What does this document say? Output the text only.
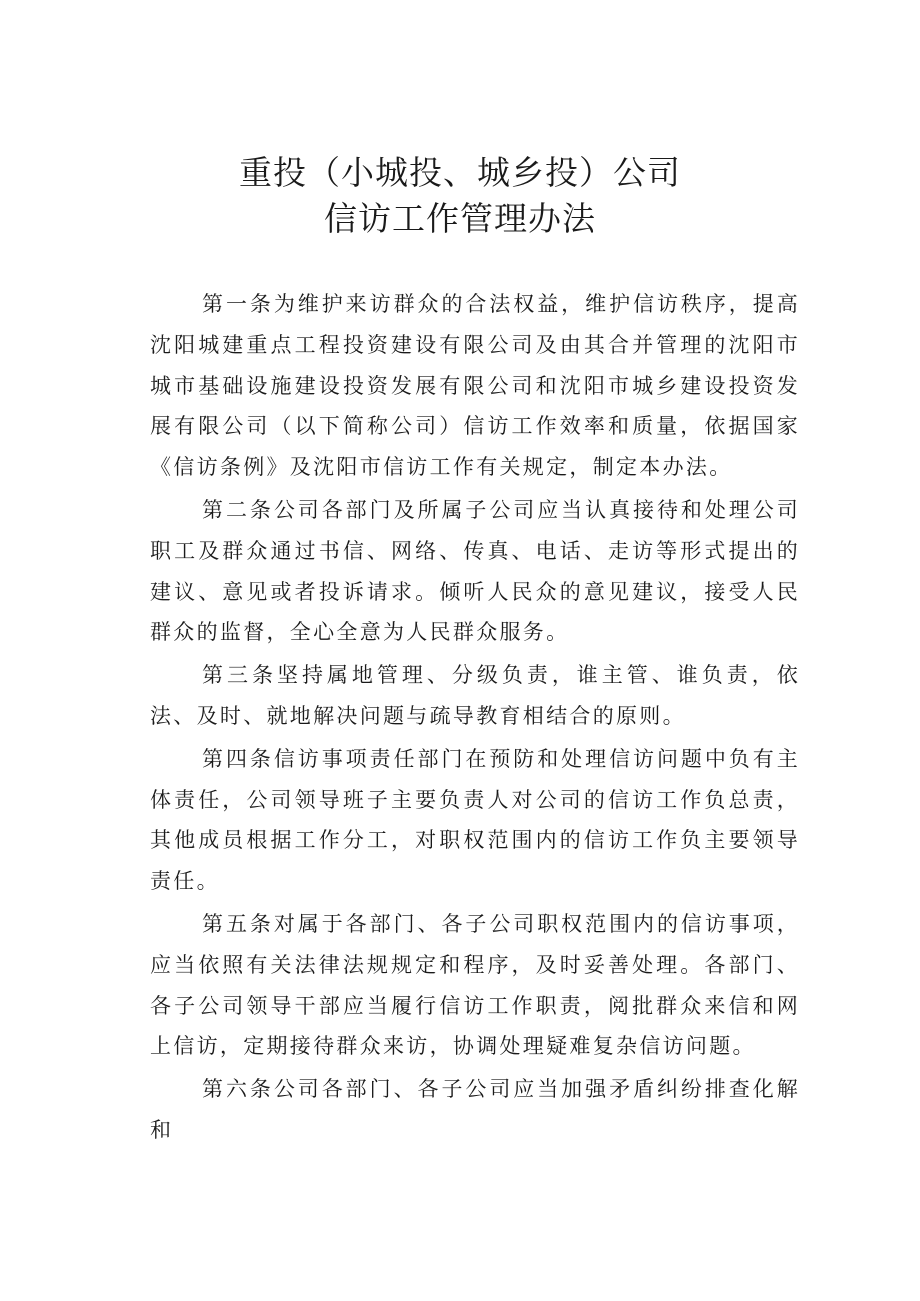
重投（小城投、城乡投）公司
信访工作管理办法

第一条为维护来访群众的合法权益，维护信访秩序，提高沈阳城建重点工程投资建设有限公司及由其合并管理的沈阳市城市基础设施建设投资发展有限公司和沈阳市城乡建设投资发展有限公司（以下简称公司）信访工作效率和质量，依据国家《信访条例》及沈阳市信访工作有关规定，制定本办法。

第二条公司各部门及所属子公司应当认真接待和处理公司职工及群众通过书信、网络、传真、电话、走访等形式提出的建议、意见或者投诉请求。倾听人民众的意见建议，接受人民群众的监督，全心全意为人民群众服务。

第三条坚持属地管理、分级负责，谁主管、谁负责，依法、及时、就地解决问题与疏导教育相结合的原则。

第四条信访事项责任部门在预防和处理信访问题中负有主体责任，公司领导班子主要负责人对公司的信访工作负总责，其他成员根据工作分工，对职权范围内的信访工作负主要领导责任。

第五条对属于各部门、各子公司职权范围内的信访事项，应当依照有关法律法规规定和程序，及时妥善处理。各部门、各子公司领导干部应当履行信访工作职责，阅批群众来信和网上信访，定期接待群众来访，协调处理疑难复杂信访问题。

第六条公司各部门、各子公司应当加强矛盾纠纷排查化解和
